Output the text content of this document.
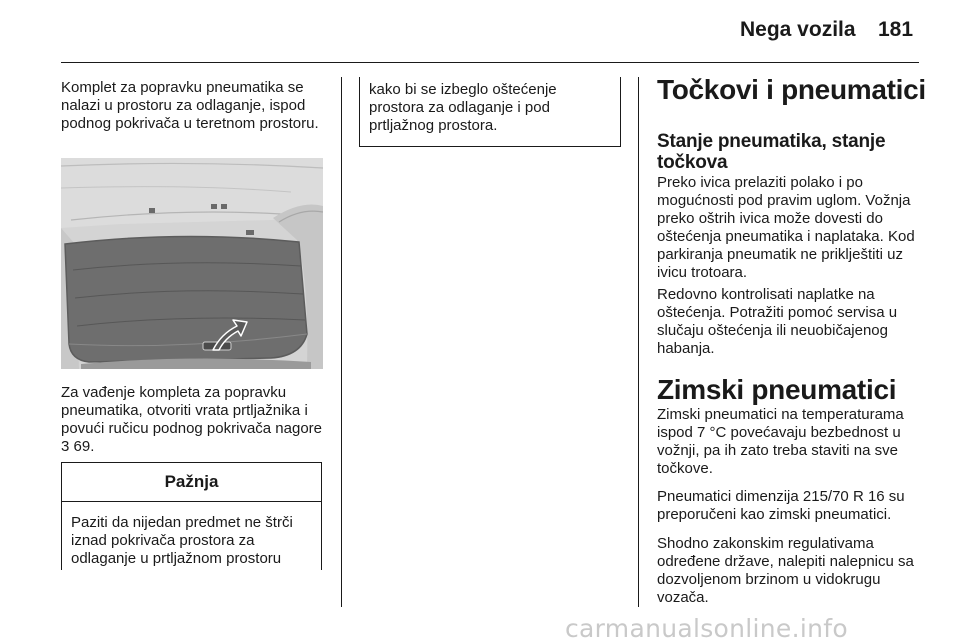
Nega vozila 181

Komplet za popravku pneumatika se nalazi u prostoru za odlaganje, ispod podnog pokrivača u teretnom prostoru.

Za vađenje kompleta za popravku pneumatika, otvoriti vrata prtljažnika i povući ručicu podnog pokrivača nagore 3 69.

Pažnja

Paziti da nijedan predmet ne štrči iznad pokrivača prostora za odlaganje u prtljažnom prostoru

kako bi se izbeglo oštećenje prostora za odlaganje i pod prtljažnog prostora.

Točkovi i pneumatici
Stanje pneumatika, stanje točkova

Preko ivica prelaziti polako i po mogućnosti pod pravim uglom. Vožnja preko oštrih ivica može dovesti do oštećenja pneumatika i naplataka. Kod parkiranja pneumatik ne priklještiti uz ivicu trotoara.

Redovno kontrolisati naplatke na oštećenja. Potražiti pomoć servisa u slučaju oštećenja ili neuobičajenog habanja.

Zimski pneumatici

Zimski pneumatici na temperaturama ispod 7 °C povećavaju bezbednost u vožnji, pa ih zato treba staviti na sve točkove.

Pneumatici dimenzija 215/70 R 16 su preporučeni kao zimski pneumatici.

Shodno zakonskim regulativama određene države, nalepiti nalepnicu sa dozvoljenom brzinom u vidokrugu vozača.

carmanualsonline.info
